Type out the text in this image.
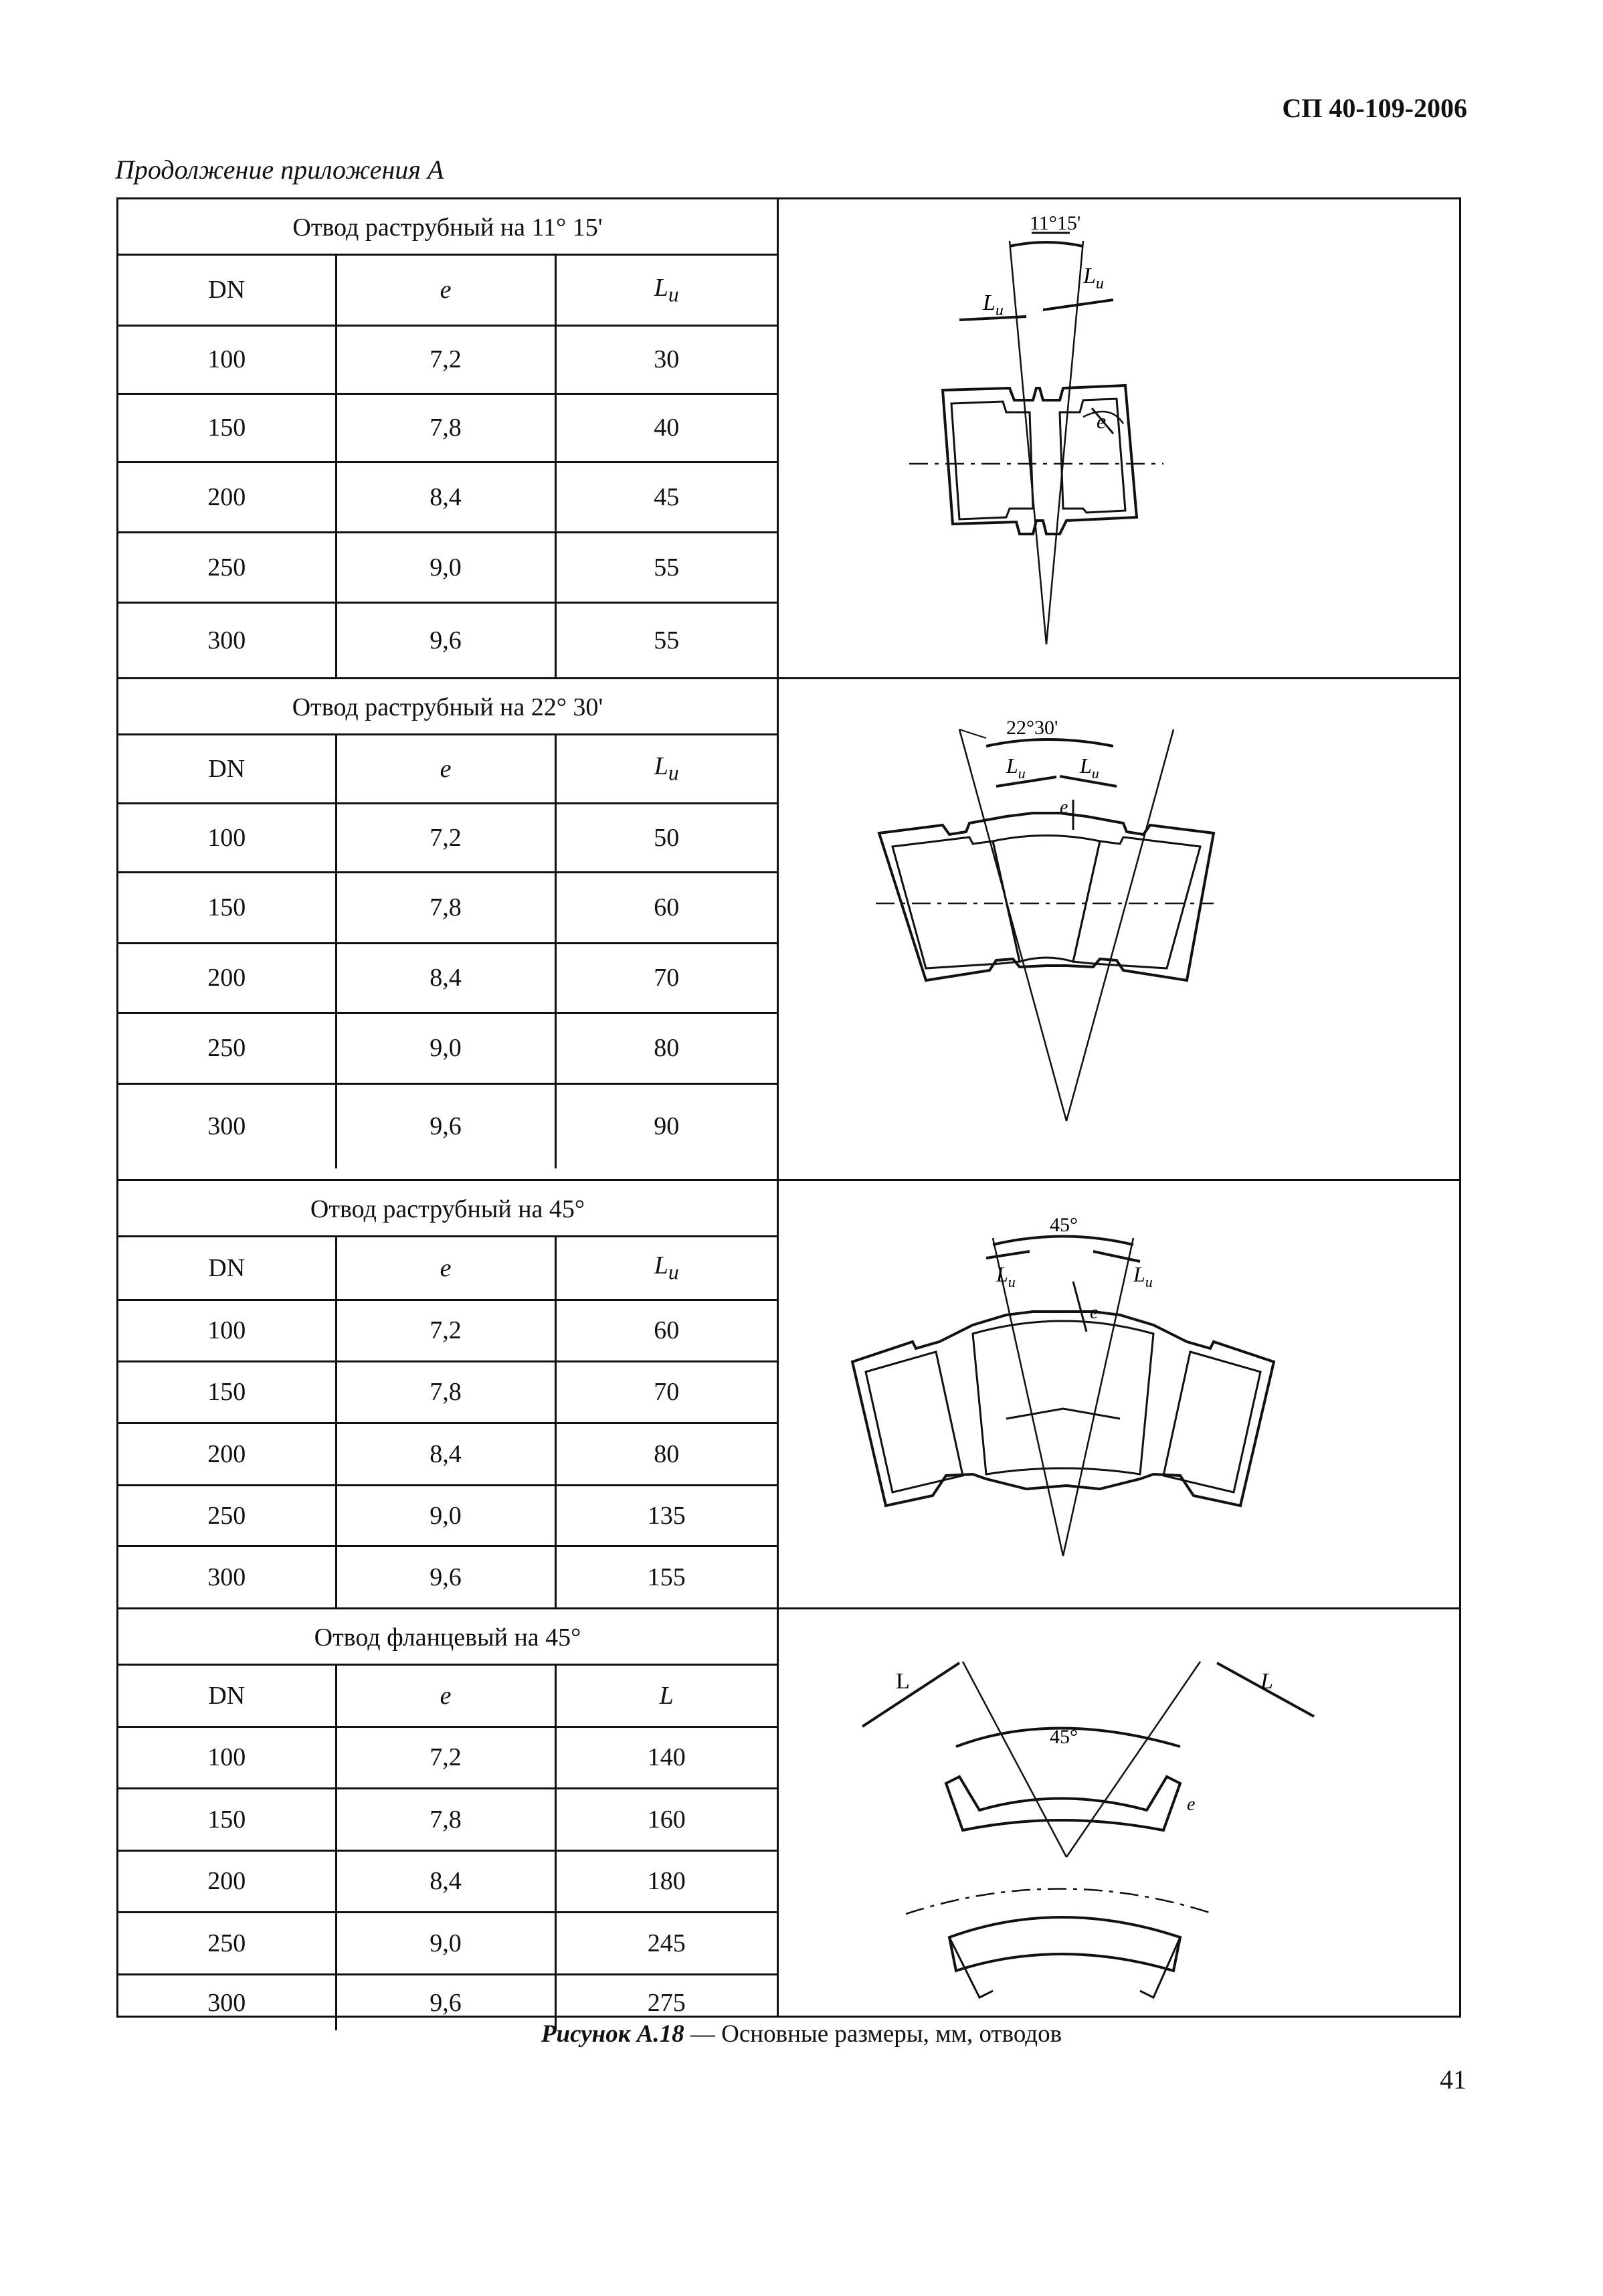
СП 40-109-2006
Продолжение приложения А
Отвод раструбный на 11° 15'
DN	e	$L_и$
100	7,2	30
150	7,8	40
200	8,4	45
250	9,0	55
300	9,6	55
Отвод раструбный на 22° 30'
DN	e	$L_и$
100	7,2	50
150	7,8	60
200	8,4	70
250	9,0	80
300	9,6	90
Отвод раструбный на 45°
DN	e	$L_и$
100	7,2	60
150	7,8	70
200	8,4	80
250	9,0	135
300	9,6	155
Отвод фланцевый на 45°
DN	e	L
100	7,2	140
150	7,8	160
200	8,4	180
250	9,0	245
300	9,6	275
11°15'
$L_u$
$L_u$
e
22°30'
$L_u$	$L_u$
e
45°
$L_u$	$L_u$
e
L	L
45°
e
Рисунок А.18 — Основные размеры, мм, отводов
41
